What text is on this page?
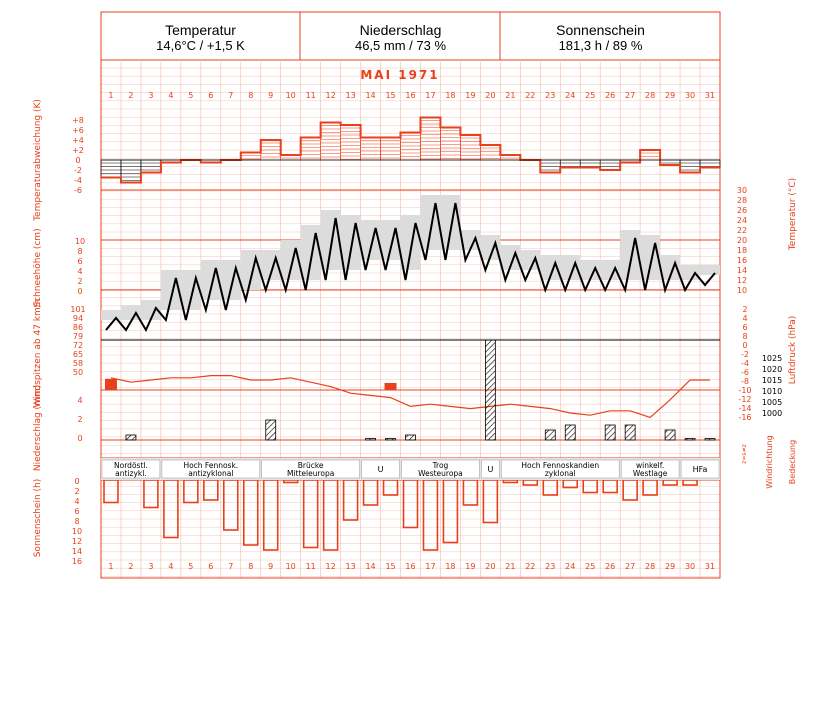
Temperatur
14,6°C / +1,5 K
Niederschlag
46,5 mm / 73 %
Sonnenschein
181,3 h / 89 %
Nordöstl.
antizykl.
Hoch Fennosk.
antizyklonal
Brücke
Mitteleuropa	U	Trog
Westeuropa	U	Hoch Fennoskandien
zyklonal
winkelf.
Westlage	HFa
MAI 1971
1
1
2
2
3
3
4
4
5
5
6
6
7
7
8
8
9
9
10
10
11
11
12
12
13
13
14
14
15
15
16
16
17
17
18
18
19
19
20
20
21
21
22
22
23
23
24
24
25
25
26
26
27
27
28
28
29
29
30
30
31
31
+8
+6
+4
+2
0
-2
-4
-6	30
28
26
24
22
20
18
16
14
12
10
10
8
6
4
2
0
101
94
86
79
72
65
58
50
1025
1020
1015
1010
1005
1000
2
4
6
8
0
-2
-4
-6
-8
-10
-12
-14
-16
4
2
0
z=s≠z
0
2
4
6
8
10
12
14
16
Temperaturabweichung (K)
Schneehöhe (cm)
Windspitzen ab 47 km/h
Niederschlag (mm)
Sonnenschein (h)
Temperatur (°C)
Luftdruck (hPa)
Windrichtung Bedeckung
